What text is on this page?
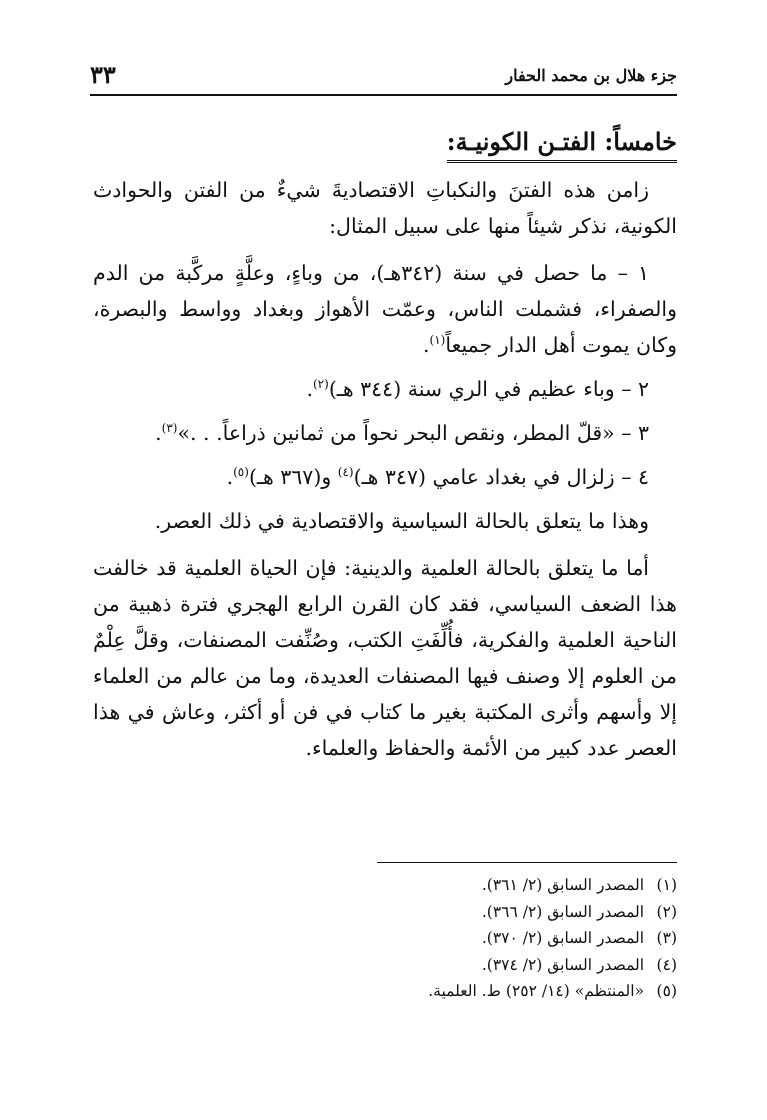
جزء هلال بن محمد الحفار
٣٣
خامساً: الفتـن الكونيـة:

زامن هذه الفتنَ والنكباتِ الاقتصاديةَ شيءٌ من الفتن والحوادث الكونية، نذكر شيئاً منها على سبيل المثال:

١ – ما حصل في سنة (٣٤٢هـ)، من وباءٍ، وعلَّةٍ مركَّبة من الدم والصفراء، فشملت الناس، وعمّت الأهواز وبغداد وواسط والبصرة، وكان يموت أهل الدار جميعاً$^{(١)}$.

٢ – وباء عظيم في الري سنة (٣٤٤ هـ)$^{(٢)}$.

٣ – «قلّ المطر، ونقص البحر نحواً من ثمانين ذراعاً. . .»$^{(٣)}$.

٤ – زلزال في بغداد عامي (٣٤٧ هـ)$^{(٤)}$ و(٣٦٧ هـ)$^{(٥)}$.

وهذا ما يتعلق بالحالة السياسية والاقتصادية في ذلك العصر.

أما ما يتعلق بالحالة العلمية والدينية: فإن الحياة العلمية قد خالفت هذا الضعف السياسي، فقد كان القرن الرابع الهجري فترة ذهبية من الناحية العلمية والفكرية، فأُلِّفَتِ الكتب، وصُنِّفت المصنفات، وقلَّ عِلْمٌ من العلوم إلا وصنف فيها المصنفات العديدة، وما من عالم من العلماء إلا وأسهم وأثرى المكتبة بغير ما كتاب في فن أو أكثر، وعاش في هذا العصر عدد كبير من الأئمة والحفاظ والعلماء.

(١) المصدر السابق (٢/ ٣٦١).
(٢) المصدر السابق (٢/ ٣٦٦).
(٣) المصدر السابق (٢/ ٣٧٠).
(٤) المصدر السابق (٢/ ٣٧٤).
(٥) «المنتظم» (١٤/ ٢٥٢) ط. العلمية.
